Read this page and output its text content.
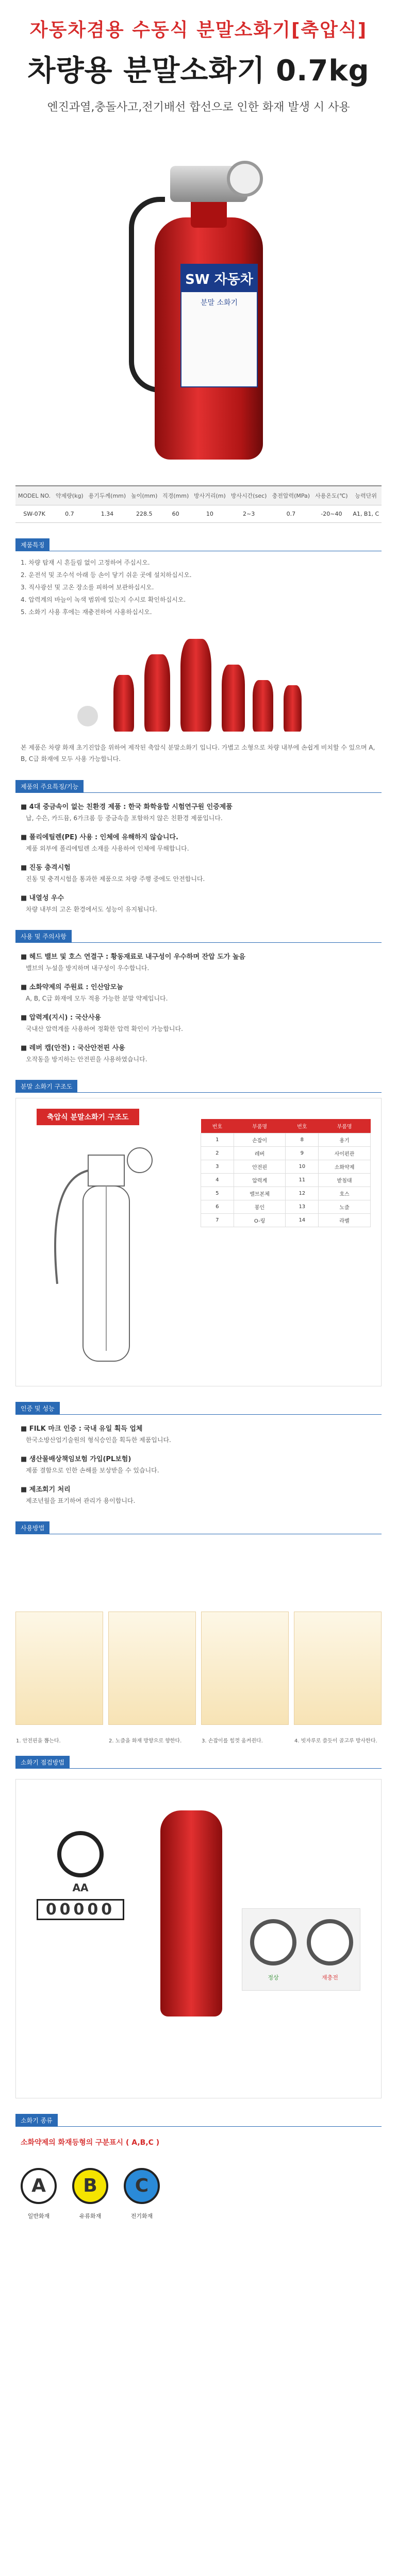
자동차겸용 수동식 분말소화기[축압식]
차량용 분말소화기 0.7kg
엔진과열,충돌사고,전기배선 합선으로 인한 화재 발생 시 사용
SW 자동차
분말 소화기
MODEL NO.	약제량(kg)	용기두께(mm)	높이(mm)	직경(mm)	방사거리(m)	방사시간(sec)	충전압력(MPa)	사용온도(℃)	능력단위
SW-07K	0.7	1.34	228.5	60	10	2~3	0.7	-20~40	A1, B1, C
제품특징
1. 차량 탑재 시 흔들림 없이 고정하여 주십시오.
2. 운전석 및 조수석 아래 등 손이 닿기 쉬운 곳에 설치하십시오.
3. 직사광선 및 고온 장소를 피하여 보관하십시오.
4. 압력계의 바늘이 녹색 범위에 있는지 수시로 확인하십시오.
5. 소화기 사용 후에는 재충전하여 사용하십시오.
본 제품은 차량 화재 초기진압을 위하여 제작된 축압식 분말소화기 입니다. 가볍고 소형으로 차량 내부에 손쉽게 비치할 수 있으며 A, B, C급 화재에 모두 사용 가능합니다.
제품의 주요특징/기능
■ 4대 중금속이 없는 친환경 제품 : 한국 화학융합 시험연구원 인증제품
납, 수은, 카드뮴, 6가크롬 등 중금속을 포함하지 않은 친환경 제품입니다.
■ 폴리에틸렌(PE) 사용 : 인체에 유해하지 않습니다.
제품 외부에 폴리에틸렌 소재를 사용하여 인체에 무해합니다.
■ 진동 충격시험
진동 및 충격시험을 통과한 제품으로 차량 주행 중에도 안전합니다.
■ 내열성 우수
차량 내부의 고온 환경에서도 성능이 유지됩니다.
사용 및 주의사항
■ 헤드 밸브 및 호스 연결구 : 황동재료로 내구성이 우수하며 잔압 도가 높음
밸브의 누설을 방지하며 내구성이 우수합니다.
■ 소화약제의 주원료 : 인산암모늄
A, B, C급 화재에 모두 적용 가능한 분말 약제입니다.
■ 압력계(지시) : 국산사용
국내산 압력계를 사용하여 정확한 압력 확인이 가능합니다.
■ 레버 캡(안전) : 국산안전핀 사용
오작동을 방지하는 안전핀을 사용하였습니다.
분말 소화기 구조도
축압식 분말소화기 구조도
번호	부품명	번호	부품명
1	손잡이	8	용기
2	레버	9	사이펀관
3	안전핀	10	소화약제
4	압력계	11	받침대
5	밸브본체	12	호스
6	봉인	13	노즐
7	O-링	14	라벨
인증 및 성능
■ FILK 마크 인증 : 국내 유일 획득 업체
한국소방산업기술원의 형식승인을 획득한 제품입니다.
■ 생산물배상책임보험 가입(PL보험)
제품 결함으로 인한 손해를 보상받을 수 있습니다.
■ 제조회기 처리
제조년월을 표기하여 관리가 용이합니다.
사용방법
1. 안전핀을 뽑는다.	2. 노즐을 화재 방향으로 향한다.	3. 손잡이를 힘껏 움켜쥔다.	4. 빗자루로 쓸듯이 골고루 방사한다.
소화기 점검방법
AA
00000
정상	재충전
소화기 종류
소화약제의 화재등형의 구분표시 ( A,B,C )
A	B	C
일반화재	유류화재	전기화재
